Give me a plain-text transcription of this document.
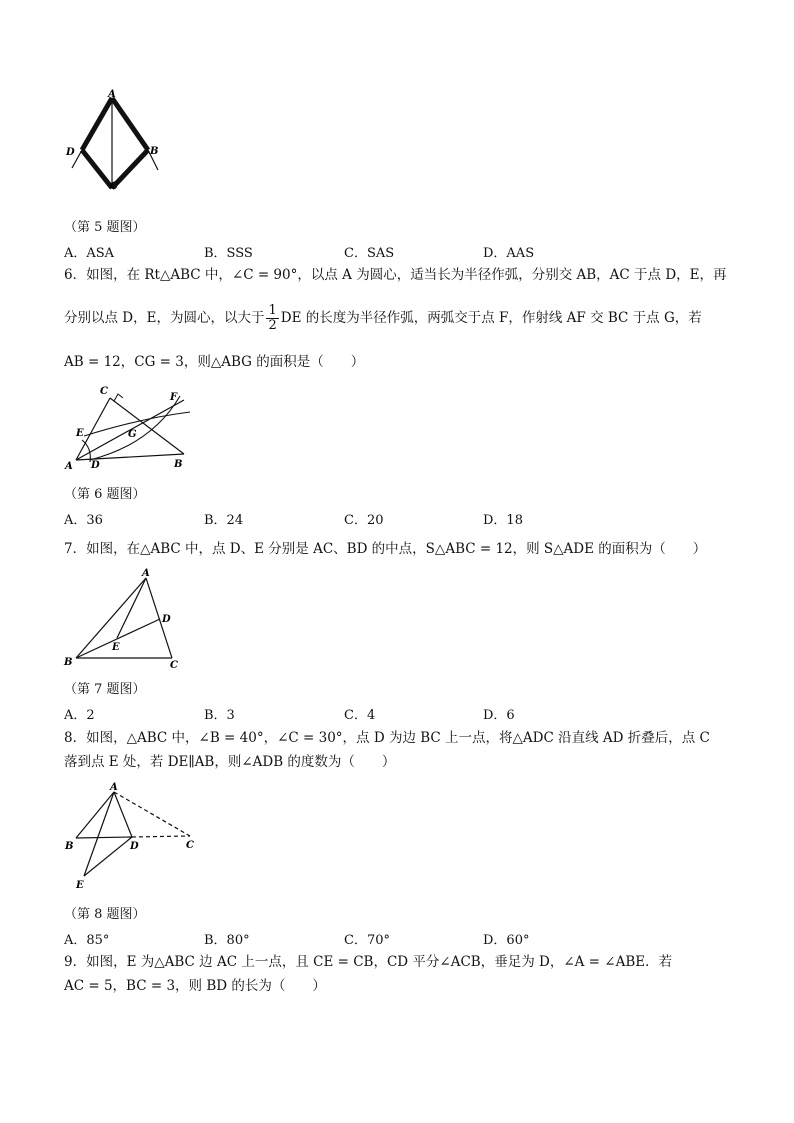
A
D	B
C
（第 5 题图）
A．ASA	B．SSS	C．SAS	D．AAS
6．如图，在 Rt△ABC 中，∠C = 90°，以点 A 为圆心，适当长为半径作弧，分别交 AB，AC 于点 D，E，再
分别以点 D，E，为圆心，以大于 $\frac{1}{2}$ DE 的长度为半径作弧，两弧交于点 F，作射线 AF 交 BC 于点 G，若
AB = 12，CG = 3，则△ABG 的面积是（　　）
A D	B
C
E
F
G
（第 6 题图）
A．36	B．24	C．20	D．18
7．如图，在△ABC 中，点 D、E 分别是 AC、BD 的中点，S△ABC = 12，则 S△ADE 的面积为（　　）
A
B	C
D
E
（第 7 题图）
A．2	B．3	C．4	D．6
8．如图，△ABC 中，∠B = 40°，∠C = 30°，点 D 为边 BC 上一点，将△ADC 沿直线 AD 折叠后，点 C
落到点 E 处，若 DE∥AB，则∠ADB 的度数为（　　）
A
B	C
D
E
（第 8 题图）
A．85°	B．80°	C．70°	D．60°
9．如图，E 为△ABC 边 AC 上一点，且 CE = CB，CD 平分∠ACB，垂足为 D，∠A = ∠ABE．若
AC = 5，BC = 3，则 BD 的长为（　　）
